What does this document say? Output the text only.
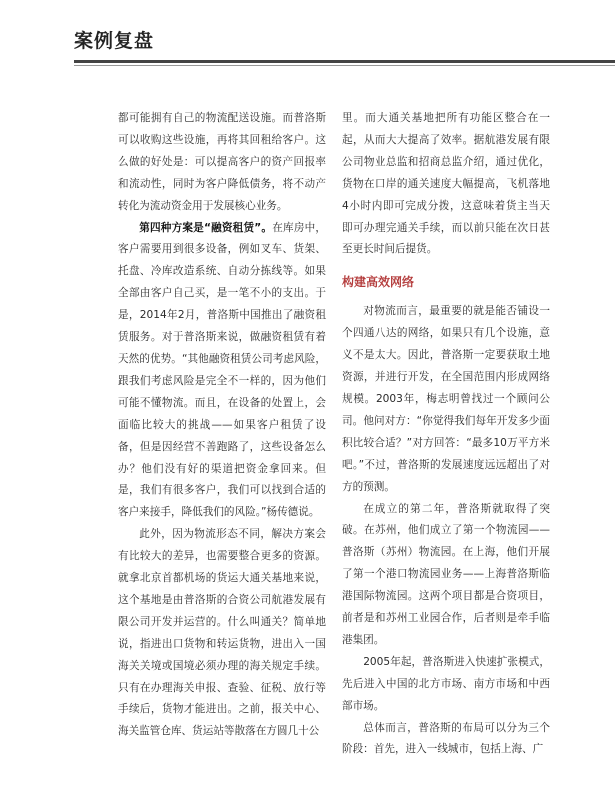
案例复盘

都可能拥有自己的物流配送设施。而普洛斯可以收购这些设施，再将其回租给客户。这么做的好处是：可以提高客户的资产回报率和流动性，同时为客户降低债务，将不动产转化为流动资金用于发展核心业务。

第四种方案是“融资租赁”。在库房中，客户需要用到很多设备，例如叉车、货架、托盘、冷库改造系统、自动分拣线等。如果全部由客户自己买，是一笔不小的支出。于是，2014年2月，普洛斯中国推出了融资租赁服务。对于普洛斯来说，做融资租赁有着天然的优势。“其他融资租赁公司考虑风险，跟我们考虑风险是完全不一样的，因为他们可能不懂物流。而且，在设备的处置上，会面临比较大的挑战——如果客户租赁了设备，但是因经营不善跑路了，这些设备怎么办？他们没有好的渠道把资金拿回来。但是，我们有很多客户，我们可以找到合适的客户来接手，降低我们的风险。”杨传德说。

此外，因为物流形态不同，解决方案会有比较大的差异，也需要整合更多的资源。就拿北京首都机场的货运大通关基地来说，这个基地是由普洛斯的合资公司航港发展有限公司开发并运营的。什么叫通关？简单地说，指进出口货物和转运货物，进出入一国海关关境或国境必须办理的海关规定手续。只有在办理海关申报、查验、征税、放行等手续后，货物才能进出。之前，报关中心、海关监管仓库、货运站等散落在方圆几十公

里。而大通关基地把所有功能区整合在一起，从而大大提高了效率。据航港发展有限公司物业总监和招商总监介绍，通过优化，货物在口岸的通关速度大幅提高，飞机落地4小时内即可完成分拨，这意味着货主当天即可办理完通关手续，而以前只能在次日甚至更长时间后提货。

构建高效网络

对物流而言，最重要的就是能否铺设一个四通八达的网络，如果只有几个设施，意义不是太大。因此，普洛斯一定要获取土地资源，并进行开发，在全国范围内形成网络规模。2003年，梅志明曾找过一个顾问公司。他问对方：“你觉得我们每年开发多少面积比较合适？”对方回答：“最多10万平方米吧。”不过，普洛斯的发展速度远远超出了对方的预测。

在成立的第二年，普洛斯就取得了突破。在苏州，他们成立了第一个物流园——普洛斯（苏州）物流园。在上海，他们开展了第一个港口物流园业务——上海普洛斯临港国际物流园。这两个项目都是合资项目，前者是和苏州工业园合作，后者则是牵手临港集团。

2005年起，普洛斯进入快速扩张模式，先后进入中国的北方市场、南方市场和中西部市场。

总体而言，普洛斯的布局可以分为三个阶段：首先，进入一线城市，包括上海、广
